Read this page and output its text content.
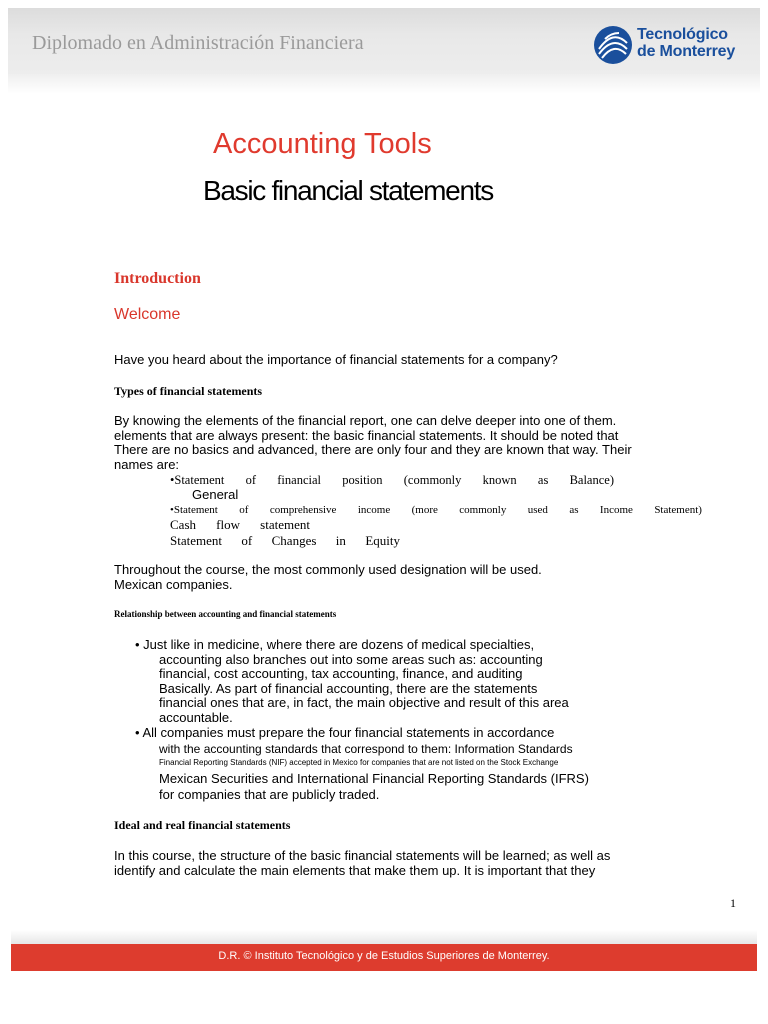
Diplomado en Administración Financiera	Tecnológico
de Monterrey
Accounting Tools
Basic financial statements
Introduction
Welcome
Have you heard about the importance of financial statements for a company?
Types of financial statements
By knowing the elements of the financial report, one can delve deeper into one of them.
elements that are always present: the basic financial statements. It should be noted that
There are no basics and advanced, there are only four and they are known that way. Their
names are:
•Statement of financial position (commonly known as Balance)
General
•Statement of comprehensive income (more commonly used as Income Statement)
Cash flow statement
Statement of Changes in Equity
Throughout the course, the most commonly used designation will be used.
Mexican companies.
Relationship between accounting and financial statements
• Just like in medicine, where there are dozens of medical specialties,
accounting also branches out into some areas such as: accounting
financial, cost accounting, tax accounting, finance, and auditing
Basically. As part of financial accounting, there are the statements
financial ones that are, in fact, the main objective and result of this area
accountable.
• All companies must prepare the four financial statements in accordance
with the accounting standards that correspond to them: Information Standards
Financial Reporting Standards (NIF) accepted in Mexico for companies that are not listed on the Stock Exchange
Mexican Securities and International Financial Reporting Standards (IFRS)
for companies that are publicly traded.
Ideal and real financial statements
In this course, the structure of the basic financial statements will be learned; as well as
identify and calculate the main elements that make them up. It is important that they
1
D.R. © Instituto Tecnológico y de Estudios Superiores de Monterrey.
